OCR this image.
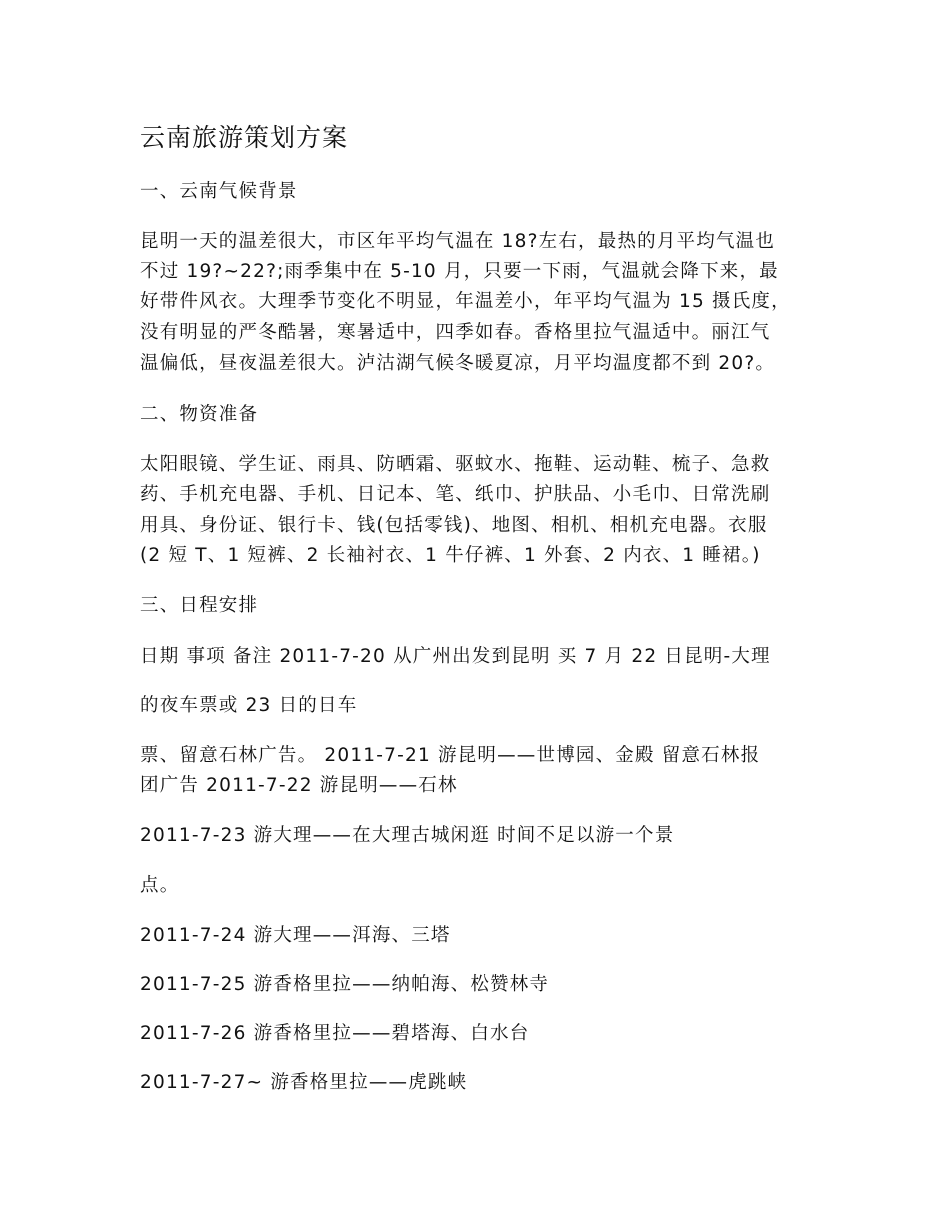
云南旅游策划方案
一、云南气候背景
昆明一天的温差很大，市区年平均气温在 18?左右，最热的月平均气温也
不过 19?~22?;雨季集中在 5-10 月，只要一下雨，气温就会降下来，最
好带件风衣。大理季节变化不明显，年温差小，年平均气温为 15 摄氏度，
没有明显的严冬酷暑，寒暑适中，四季如春。香格里拉气温适中。丽江气
温偏低，昼夜温差很大。泸沽湖气候冬暖夏凉，月平均温度都不到 20?。
二、物资准备
太阳眼镜、学生证、雨具、防晒霜、驱蚊水、拖鞋、运动鞋、梳子、急救
药、手机充电器、手机、日记本、笔、纸巾、护肤品、小毛巾、日常洗刷
用具、身份证、银行卡、钱(包括零钱)、地图、相机、相机充电器。衣服
(2 短 T、1 短裤、2 长袖衬衣、1 牛仔裤、1 外套、2 内衣、1 睡裙。)
三、日程安排
日期 事项 备注 2011-7-20 从广州出发到昆明 买 7 月 22 日昆明-大理
的夜车票或 23 日的日车
票、留意石林广告。 2011-7-21 游昆明——世博园、金殿 留意石林报
团广告 2011-7-22 游昆明——石林
2011-7-23 游大理——在大理古城闲逛 时间不足以游一个景
点。
2011-7-24 游大理——洱海、三塔
2011-7-25 游香格里拉——纳帕海、松赞林寺
2011-7-26 游香格里拉——碧塔海、白水台
2011-7-27~ 游香格里拉——虎跳峡
